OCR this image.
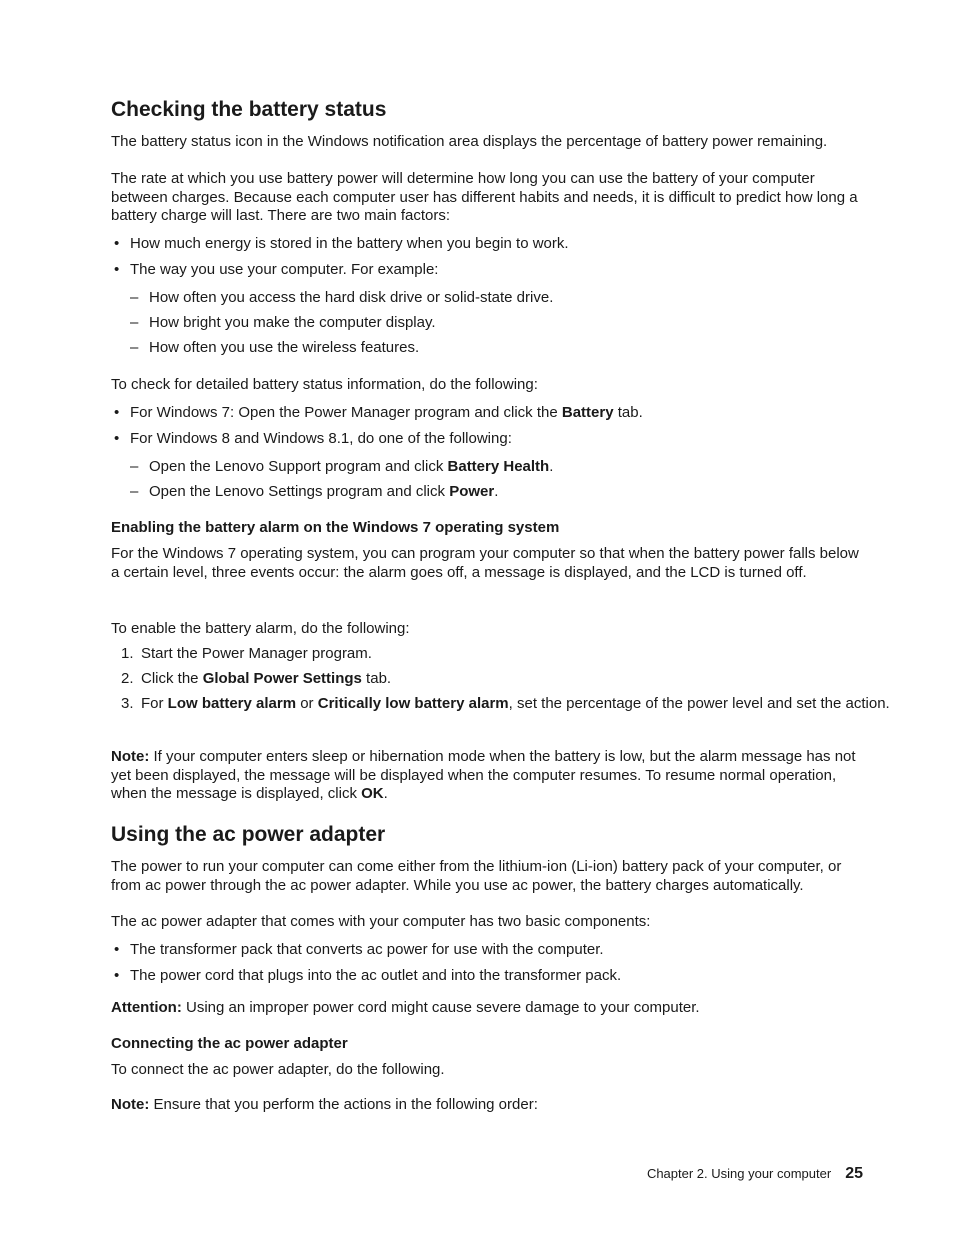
Checking the battery status

The battery status icon in the Windows notification area displays the percentage of battery power remaining.

The rate at which you use battery power will determine how long you can use the battery of your computer between charges. Because each computer user has different habits and needs, it is difficult to predict how long a battery charge will last. There are two main factors:

• How much energy is stored in the battery when you begin to work.

• The way you use your computer. For example:

– How often you access the hard disk drive or solid-state drive.

– How bright you make the computer display.

– How often you use the wireless features.

To check for detailed battery status information, do the following:

• For Windows 7: Open the Power Manager program and click the Battery tab.

• For Windows 8 and Windows 8.1, do one of the following:

– Open the Lenovo Support program and click Battery Health.

– Open the Lenovo Settings program and click Power.

Enabling the battery alarm on the Windows 7 operating system

For the Windows 7 operating system, you can program your computer so that when the battery power falls below a certain level, three events occur: the alarm goes off, a message is displayed, and the LCD is turned off.

To enable the battery alarm, do the following:

1. Start the Power Manager program.

2. Click the Global Power Settings tab.

3. For Low battery alarm or Critically low battery alarm, set the percentage of the power level and set the action.

Note: If your computer enters sleep or hibernation mode when the battery is low, but the alarm message has not yet been displayed, the message will be displayed when the computer resumes. To resume normal operation, when the message is displayed, click OK.

Using the ac power adapter

The power to run your computer can come either from the lithium-ion (Li-ion) battery pack of your computer, or from ac power through the ac power adapter. While you use ac power, the battery charges automatically.

The ac power adapter that comes with your computer has two basic components:

• The transformer pack that converts ac power for use with the computer.

• The power cord that plugs into the ac outlet and into the transformer pack.

Attention: Using an improper power cord might cause severe damage to your computer.

Connecting the ac power adapter

To connect the ac power adapter, do the following.

Note: Ensure that you perform the actions in the following order:

Chapter 2. Using your computer 25
